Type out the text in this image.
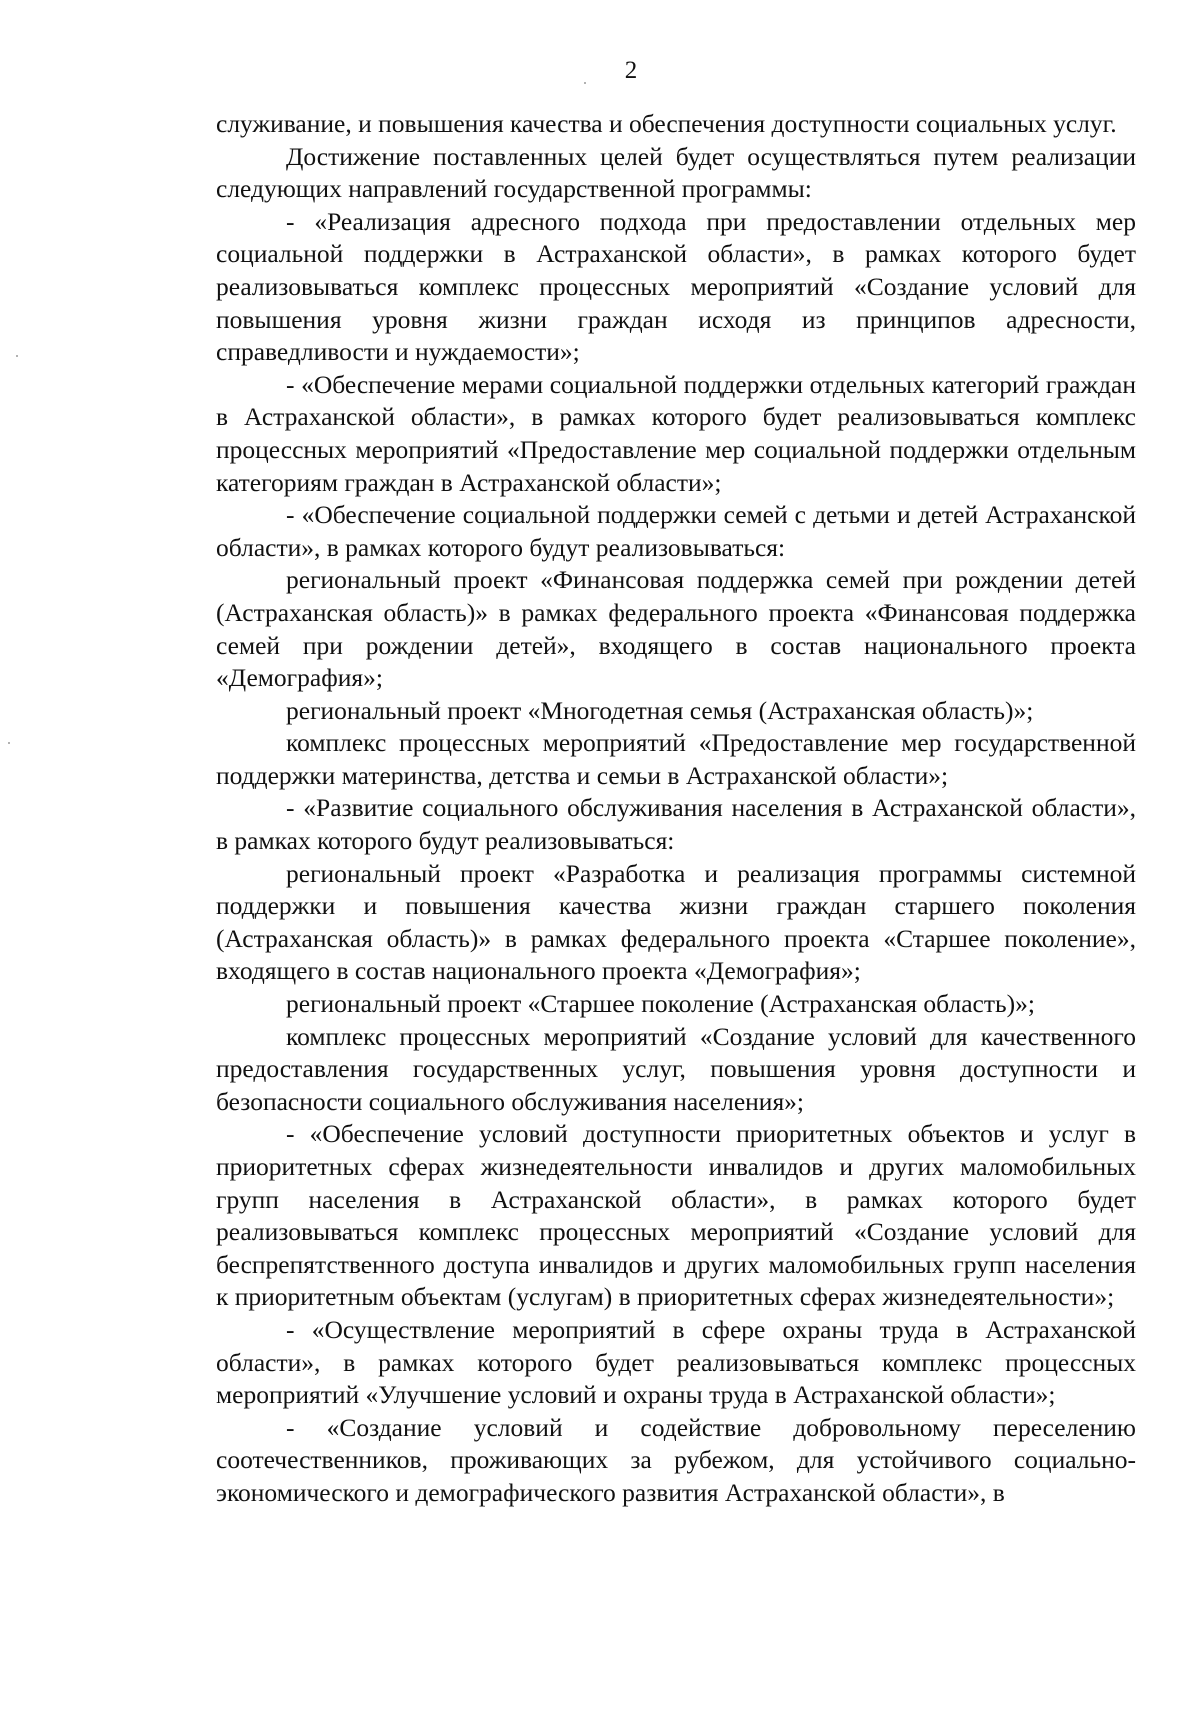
2

служивание, и повышения качества и обеспечения доступности социальных услуг.

Достижение поставленных целей будет осуществляться путем реализации следующих направлений государственной программы:

- «Реализация адресного подхода при предоставлении отдельных мер социальной поддержки в Астраханской области», в рамках которого будет реализовываться комплекс процессных мероприятий «Создание условий для повышения уровня жизни граждан исходя из принципов адресности, справедливости и нуждаемости»;

- «Обеспечение мерами социальной поддержки отдельных категорий граждан в Астраханской области», в рамках которого будет реализовываться комплекс процессных мероприятий «Предоставление мер социальной поддержки отдельным категориям граждан в Астраханской области»;

- «Обеспечение социальной поддержки семей с детьми и детей Астраханской области», в рамках которого будут реализовываться:

региональный проект «Финансовая поддержка семей при рождении детей (Астраханская область)» в рамках федерального проекта «Финансовая поддержка семей при рождении детей», входящего в состав национального проекта «Демография»;

региональный проект «Многодетная семья (Астраханская область)»;

комплекс процессных мероприятий «Предоставление мер государственной поддержки материнства, детства и семьи в Астраханской области»;

- «Развитие социального обслуживания населения в Астраханской области», в рамках которого будут реализовываться:

региональный проект «Разработка и реализация программы системной поддержки и повышения качества жизни граждан старшего поколения (Астраханская область)» в рамках федерального проекта «Старшее поколение», входящего в состав национального проекта «Демография»;

региональный проект «Старшее поколение (Астраханская область)»;

комплекс процессных мероприятий «Создание условий для качественного предоставления государственных услуг, повышения уровня доступности и безопасности социального обслуживания населения»;

- «Обеспечение условий доступности приоритетных объектов и услуг в приоритетных сферах жизнедеятельности инвалидов и других маломобильных групп населения в Астраханской области», в рамках которого будет реализовываться комплекс процессных мероприятий «Создание условий для беспрепятственного доступа инвалидов и других маломобильных групп населения к приоритетным объектам (услугам) в приоритетных сферах жизнедеятельности»;

- «Осуществление мероприятий в сфере охраны труда в Астраханской области», в рамках которого будет реализовываться комплекс процессных мероприятий «Улучшение условий и охраны труда в Астраханской области»;

- «Создание условий и содействие добровольному переселению соотечественников, проживающих за рубежом, для устойчивого социально-экономического и демографического развития Астраханской области», в
